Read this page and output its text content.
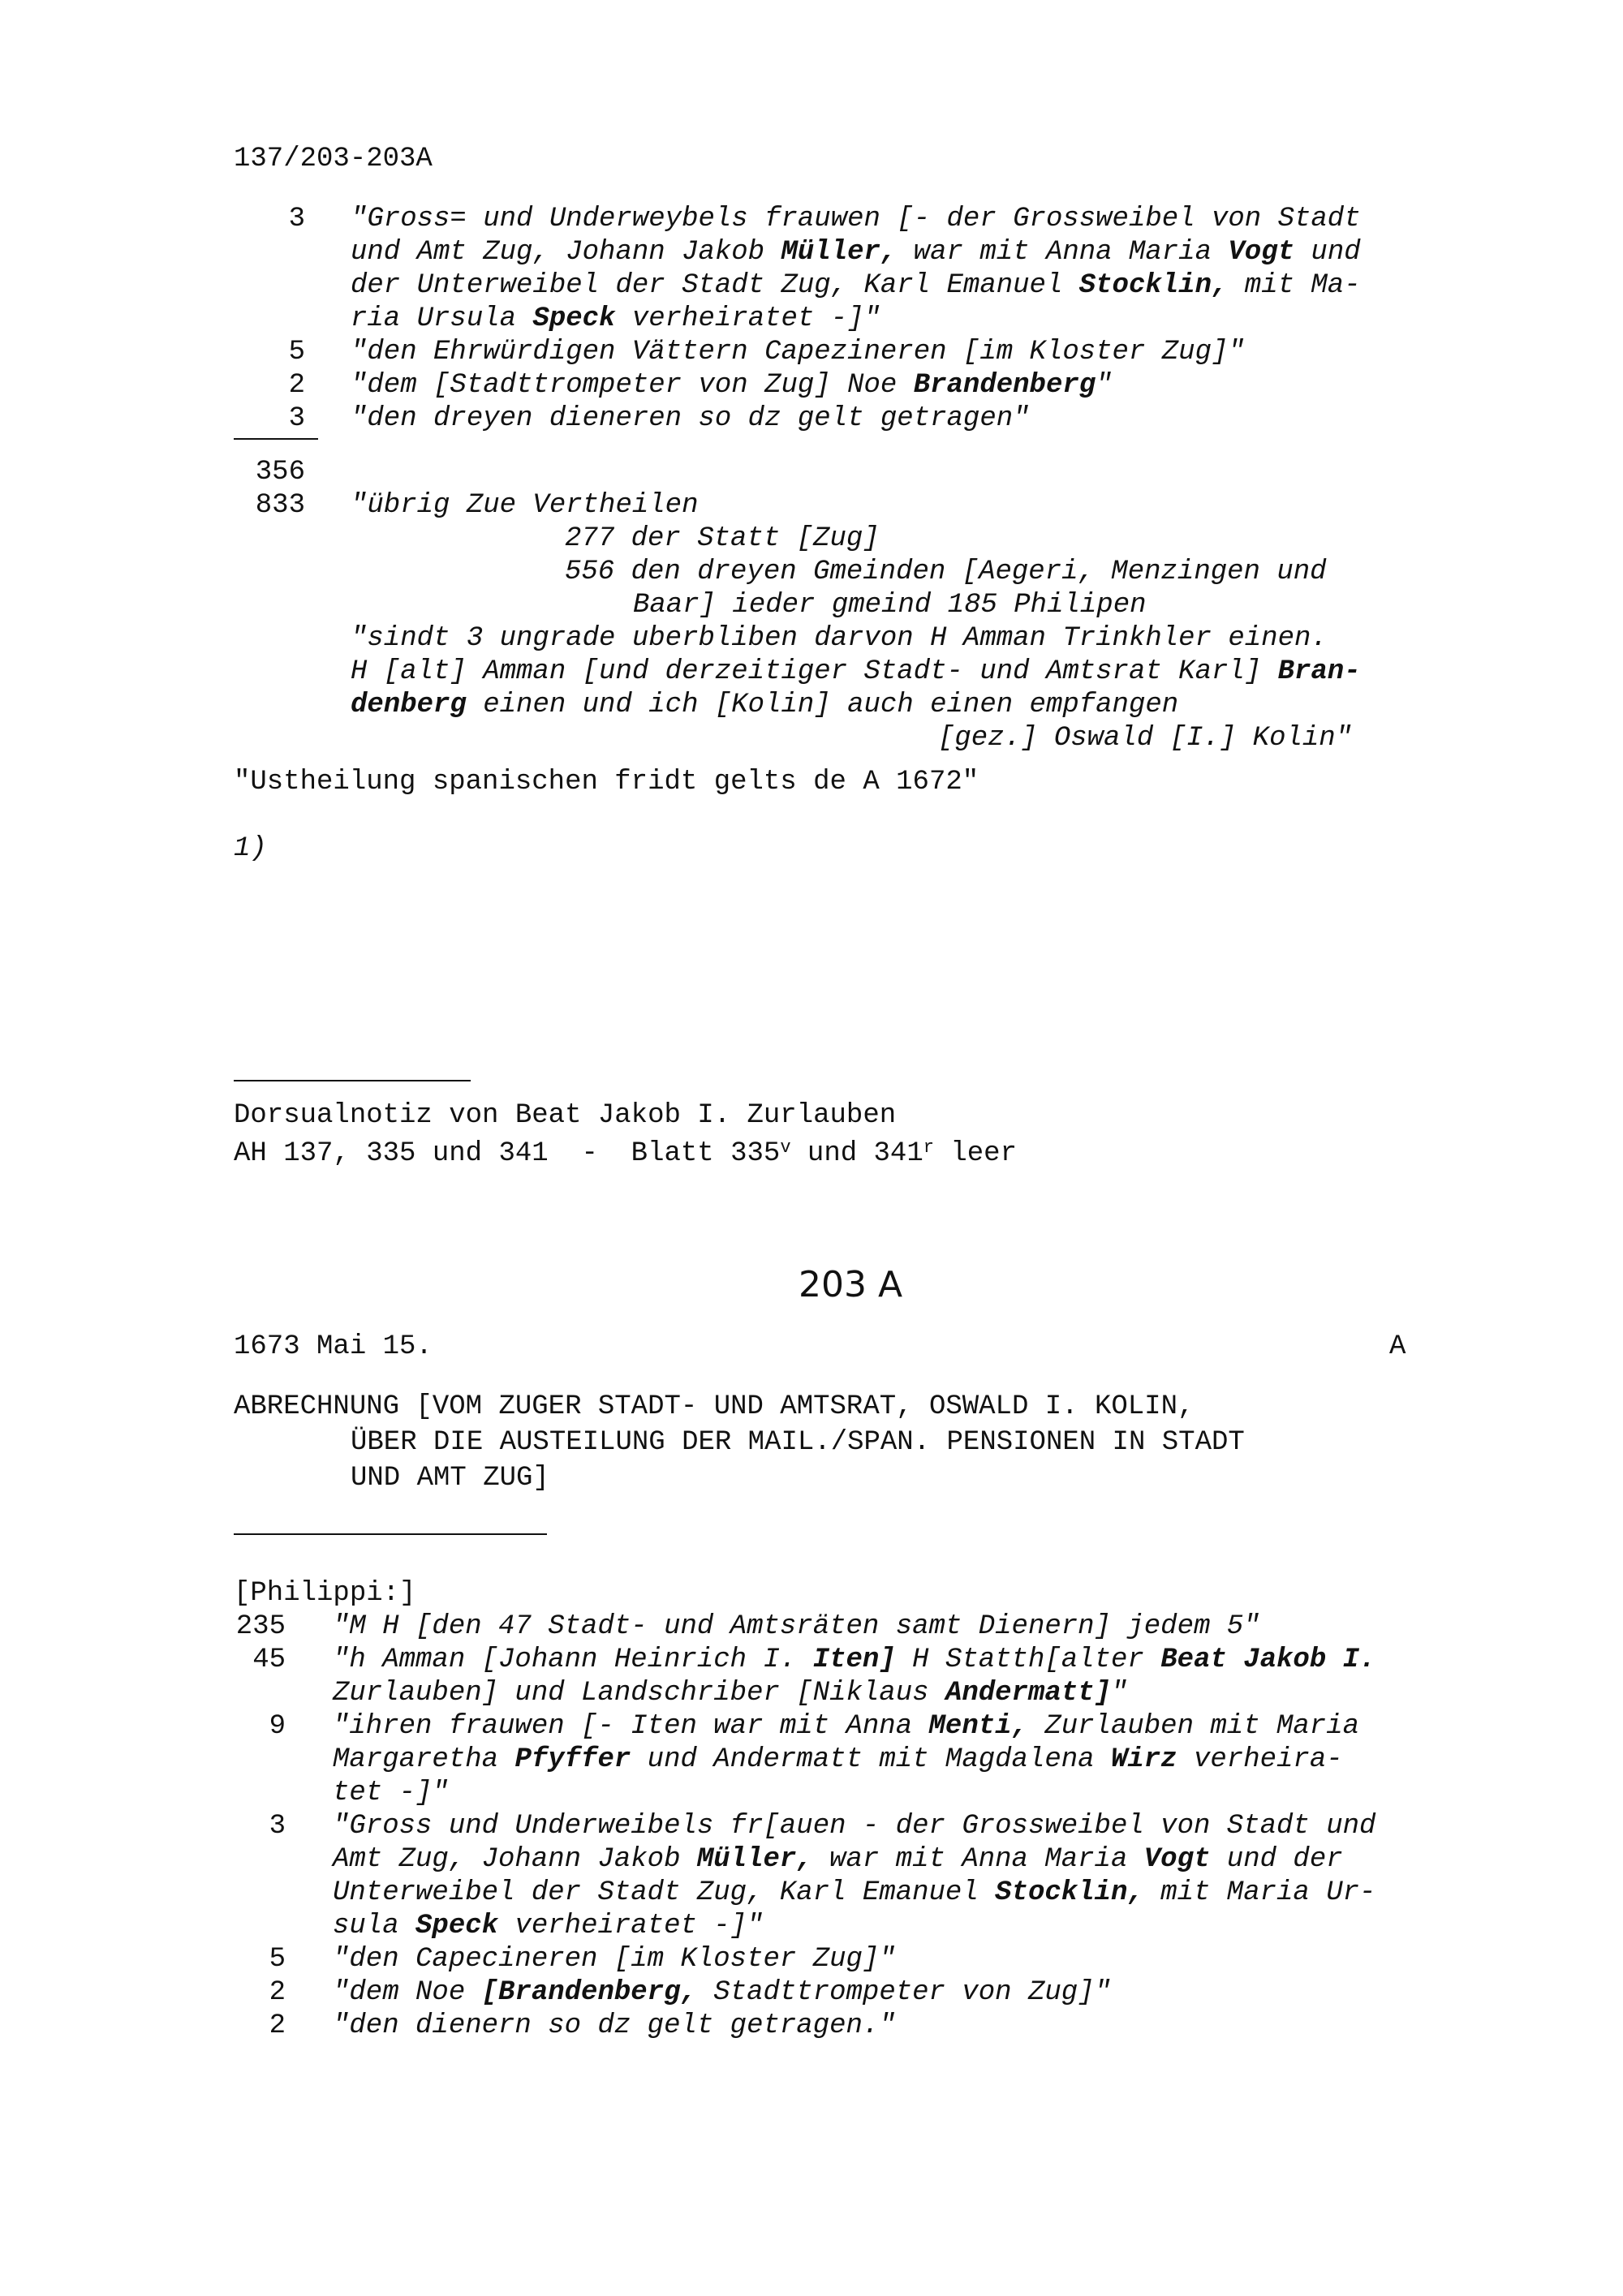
137/203-203A
3 "Gross= und Underweybels frauwen [- der Grossweibel von Stadt
und Amt Zug, Johann Jakob Müller, war mit Anna Maria Vogt und
der Unterweibel der Stadt Zug, Karl Emanuel Stocklin, mit Ma-
ria Ursula Speck verheiratet -]"
5 "den Ehrwürdigen Vättern Capezineren [im Kloster Zug]"
2 "dem [Stadttrompeter von Zug] Noe Brandenberg"
3 "den dreyen dieneren so dz gelt getragen"
356
833 "übrig Zue Vertheilen
277 der Statt [Zug]
556 den dreyen Gmeinden [Aegeri, Menzingen und
Baar] ieder gmeind 185 Philipen
"sindt 3 ungrade uberbliben darvon H Amman Trinkhler einen.
H [alt] Amman [und derzeitiger Stadt- und Amtsrat Karl] Bran-
denberg einen und ich [Kolin] auch einen empfangen
[gez.] Oswald [I.] Kolin"
"Ustheilung spanischen fridt gelts de A 1672"
1)
Dorsualnotiz von Beat Jakob I. Zurlauben
AH 137, 335 und 341  -  Blatt 335$^v$ und 341$^r$ leer
203 A
1673 Mai 15.	A
ABRECHNUNG [VOM ZUGER STADT- UND AMTSRAT, OSWALD I. KOLIN,
ÜBER DIE AUSTEILUNG DER MAIL./SPAN. PENSIONEN IN STADT
UND AMT ZUG]
[Philippi:]
235 "M H [den 47 Stadt- und Amtsräten samt Dienern] jedem 5"
45 "h Amman [Johann Heinrich I. Iten] H Statth[alter Beat Jakob I.
Zurlauben] und Landschriber [Niklaus Andermatt]"
9 "ihren frauwen [- Iten war mit Anna Menti, Zurlauben mit Maria
Margaretha Pfyffer und Andermatt mit Magdalena Wirz verheira-
tet -]"
3 "Gross und Underweibels fr[auen - der Grossweibel von Stadt und
Amt Zug, Johann Jakob Müller, war mit Anna Maria Vogt und der
Unterweibel der Stadt Zug, Karl Emanuel Stocklin, mit Maria Ur-
sula Speck verheiratet -]"
5 "den Capecineren [im Kloster Zug]"
2 "dem Noe [Brandenberg, Stadttrompeter von Zug]"
2 "den dienern so dz gelt getragen."
